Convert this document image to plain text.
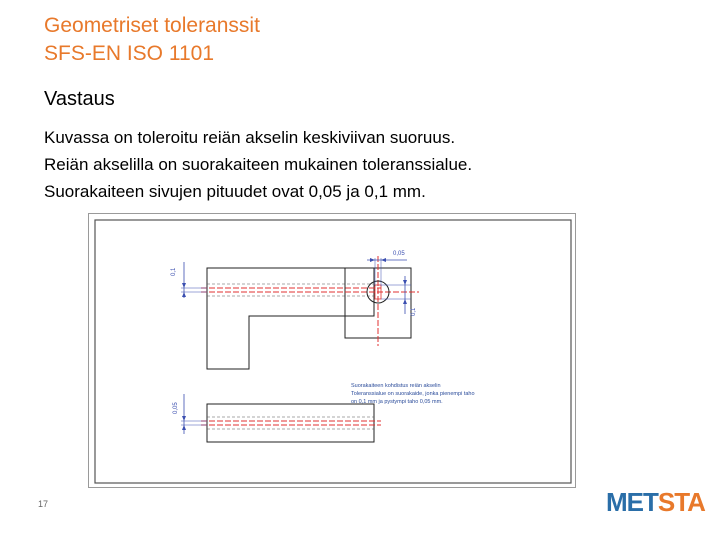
Geometriset toleranssit
SFS-EN ISO 1101
Vastaus
Kuvassa on toleroitu reiän akselin keskiviivan suoruus.
Reiän akselilla on suorakaiteen mukainen toleranssialue.
Suorakaiteen sivujen pituudet ovat 0,05 ja 0,1 mm.
0,1
0,05
0,05
0,1
Suorakaiteen kohdistus reiän akselin
Toleranssialue on suorakaide, jonka pienempi taho
on 0,1 mm ja pystympi taho 0,05 mm.
17	METSTA
